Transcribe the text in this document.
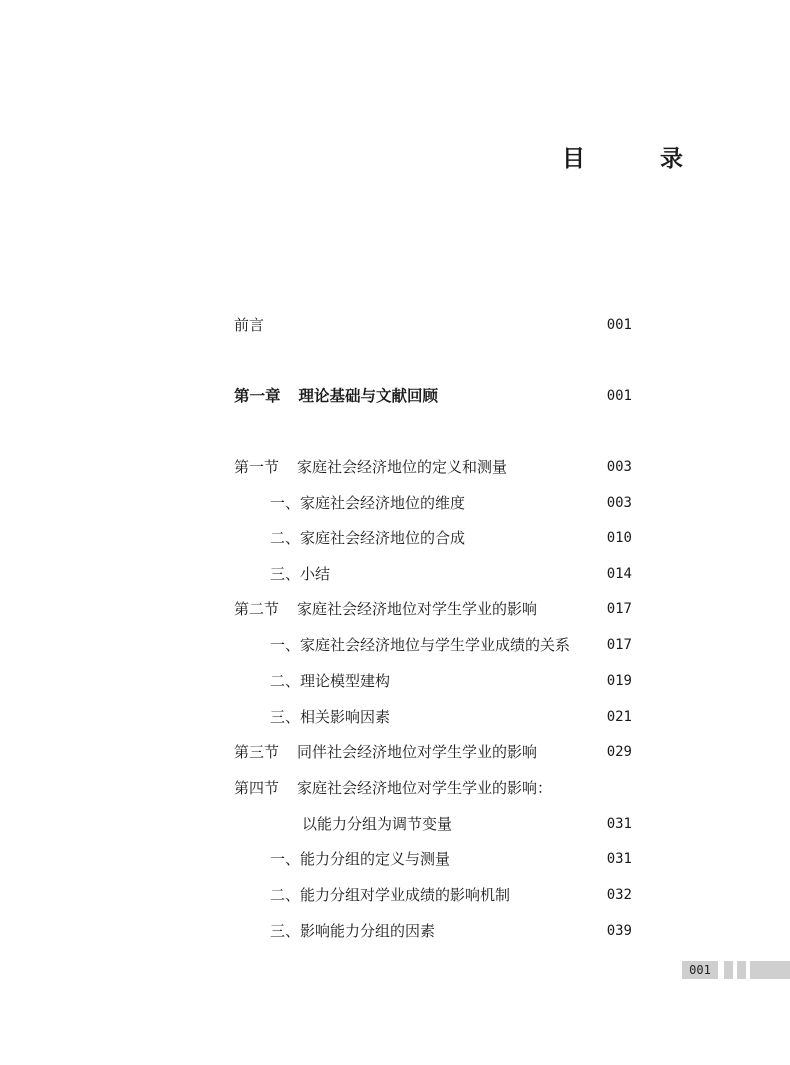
目　录
前言	001
第一章 理论基础与文献回顾	001
第一节 家庭社会经济地位的定义和测量	003
一、家庭社会经济地位的维度	003
二、家庭社会经济地位的合成	010
三、小结	014
第二节 家庭社会经济地位对学生学业的影响	017
一、家庭社会经济地位与学生学业成绩的关系	017
二、理论模型建构	019
三、相关影响因素	021
第三节 同伴社会经济地位对学生学业的影响	029
第四节 家庭社会经济地位对学生学业的影响：
以能力分组为调节变量	031
一、能力分组的定义与测量	031
二、能力分组对学业成绩的影响机制	032
三、影响能力分组的因素	039
001
